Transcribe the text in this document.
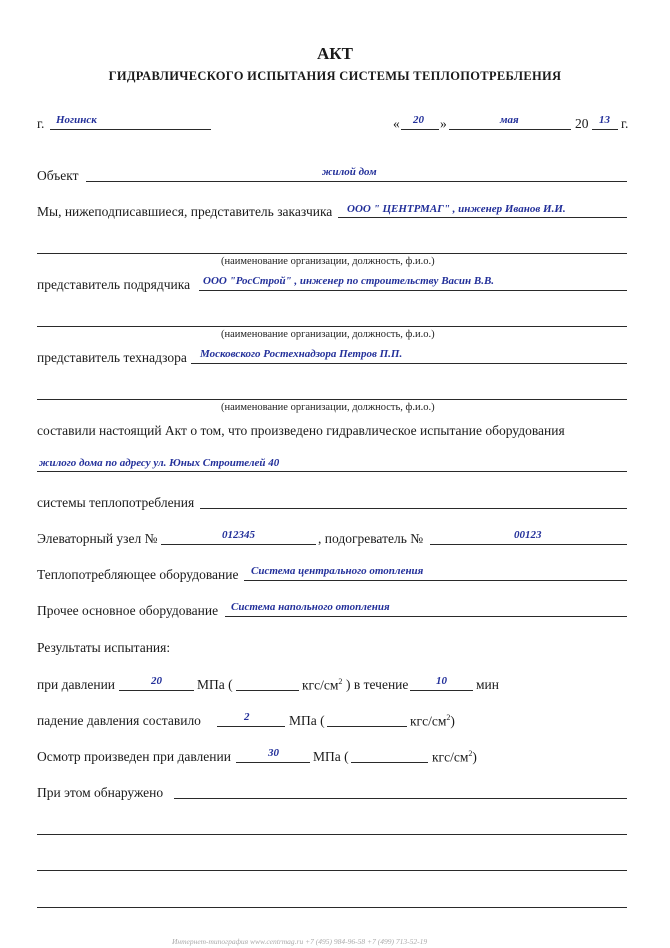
АКТ
ГИДРАВЛИЧЕСКОГО ИСПЫТАНИЯ СИСТЕМЫ ТЕПЛОПОТРЕБЛЕНИЯ
г. Ногинск	« 20 »	мая	20 13 г.
Объект	жилой дом
Мы, нижеподписавшиеся, представитель заказчика ООО " ЦЕНТРМАГ" , инженер Иванов И.И.
(наименование организации, должность, ф.и.о.)
представитель подрядчика ООО "РосСтрой" , инженер по строительству Васин В.В.
(наименование организации, должность, ф.и.о.)
представитель технадзора Московского Ростехнадзора Петров П.П.
(наименование организации, должность, ф.и.о.)
составили настоящий Акт о том, что произведено гидравлическое испытание оборудования
жилого дома по адресу ул. Юных Строителей 40
системы теплопотребления
Элеваторный узел №	012345	, подогреватель №	00123
Теплопотребляющее оборудование Система центрального отопления
Прочее основное оборудование Система напольного отопления
Результаты испытания:
при давлении	20	МПа (	кгс/$см^2$ ) в течение	10 мин
падение давления составило	2	МПа (	кгс/$см^2$)
Осмотр произведен при давлении	30	МПа (	кгс/$см^2$)
При этом обнаружено
Интернет-типография www.centrmag.ru +7 (495) 984-96-58 +7 (499) 713-52-19
